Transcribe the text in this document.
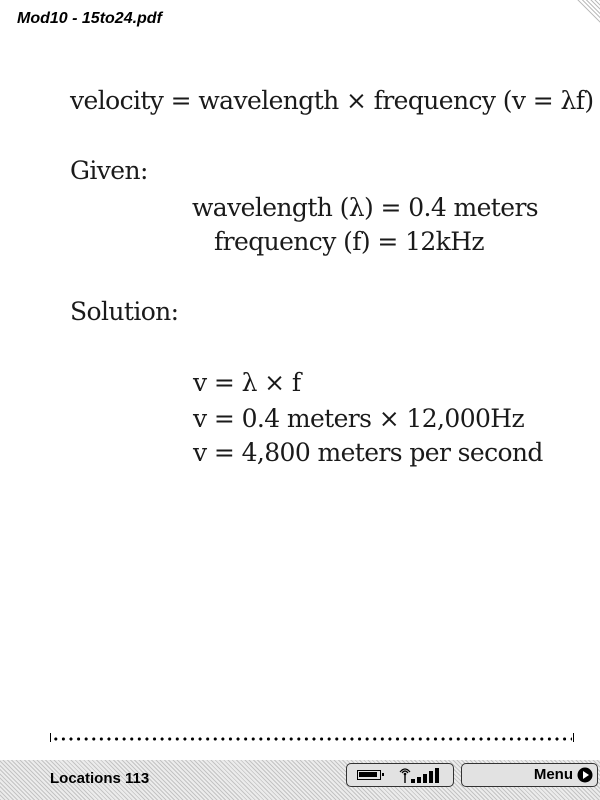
Mod10 - 15to24.pdf
velocity = wavelength × frequency (v = λf)
Given:
wavelength (λ) = 0.4 meters
frequency (f) = 12kHz
Solution:
v = λ × f
v = 0.4 meters × 12,000Hz
v = 4,800 meters per second
Locations 113	Menu
